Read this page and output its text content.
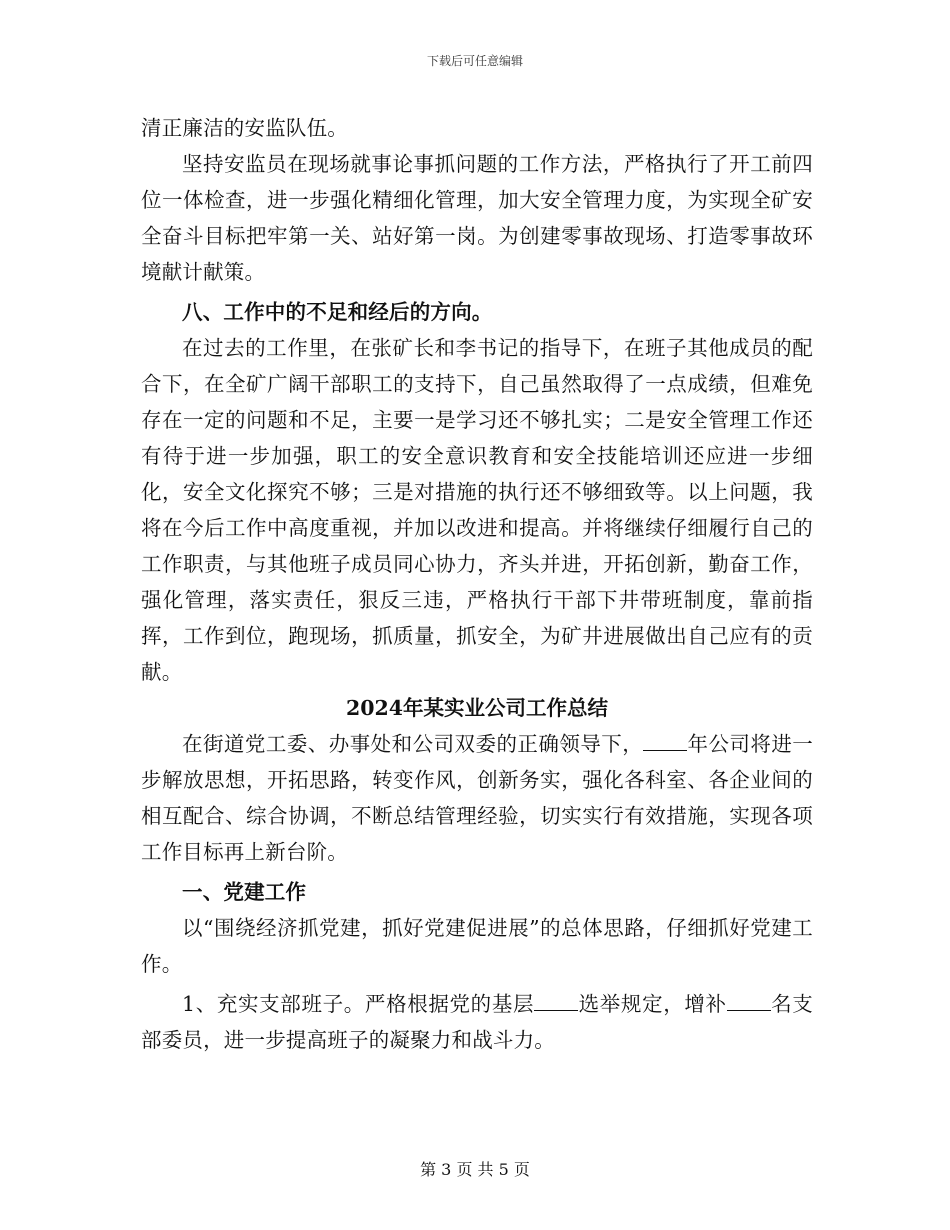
下载后可任意编辑

清正廉洁的安监队伍。

坚持安监员在现场就事论事抓问题的工作方法，严格执行了开工前四位一体检查，进一步强化精细化管理，加大安全管理力度，为实现全矿安全奋斗目标把牢第一关、站好第一岗。为创建零事故现场、打造零事故环境献计献策。

八、工作中的不足和经后的方向。

在过去的工作里，在张矿长和李书记的指导下，在班子其他成员的配合下，在全矿广阔干部职工的支持下，自己虽然取得了一点成绩，但难免存在一定的问题和不足，主要一是学习还不够扎实；二是安全管理工作还有待于进一步加强，职工的安全意识教育和安全技能培训还应进一步细化，安全文化探究不够；三是对措施的执行还不够细致等。以上问题，我将在今后工作中高度重视，并加以改进和提高。并将继续仔细履行自己的工作职责，与其他班子成员同心协力，齐头并进，开拓创新，勤奋工作，强化管理，落实责任，狠反三违，严格执行干部下井带班制度，靠前指挥，工作到位，跑现场，抓质量，抓安全，为矿井进展做出自己应有的贡献。

2024年某实业公司工作总结

在街道党工委、办事处和公司双委的正确领导下， 年公司将进一步解放思想，开拓思路，转变作风，创新务实，强化各科室、各企业间的相互配合、综合协调，不断总结管理经验，切实实行有效措施，实现各项工作目标再上新台阶。

一、党建工作

以“围绕经济抓党建，抓好党建促进展”的总体思路，仔细抓好党建工作。

1、充实支部班子。严格根据党的基层 选举规定，增补 名支部委员，进一步提高班子的凝聚力和战斗力。

第 3 页 共 5 页
